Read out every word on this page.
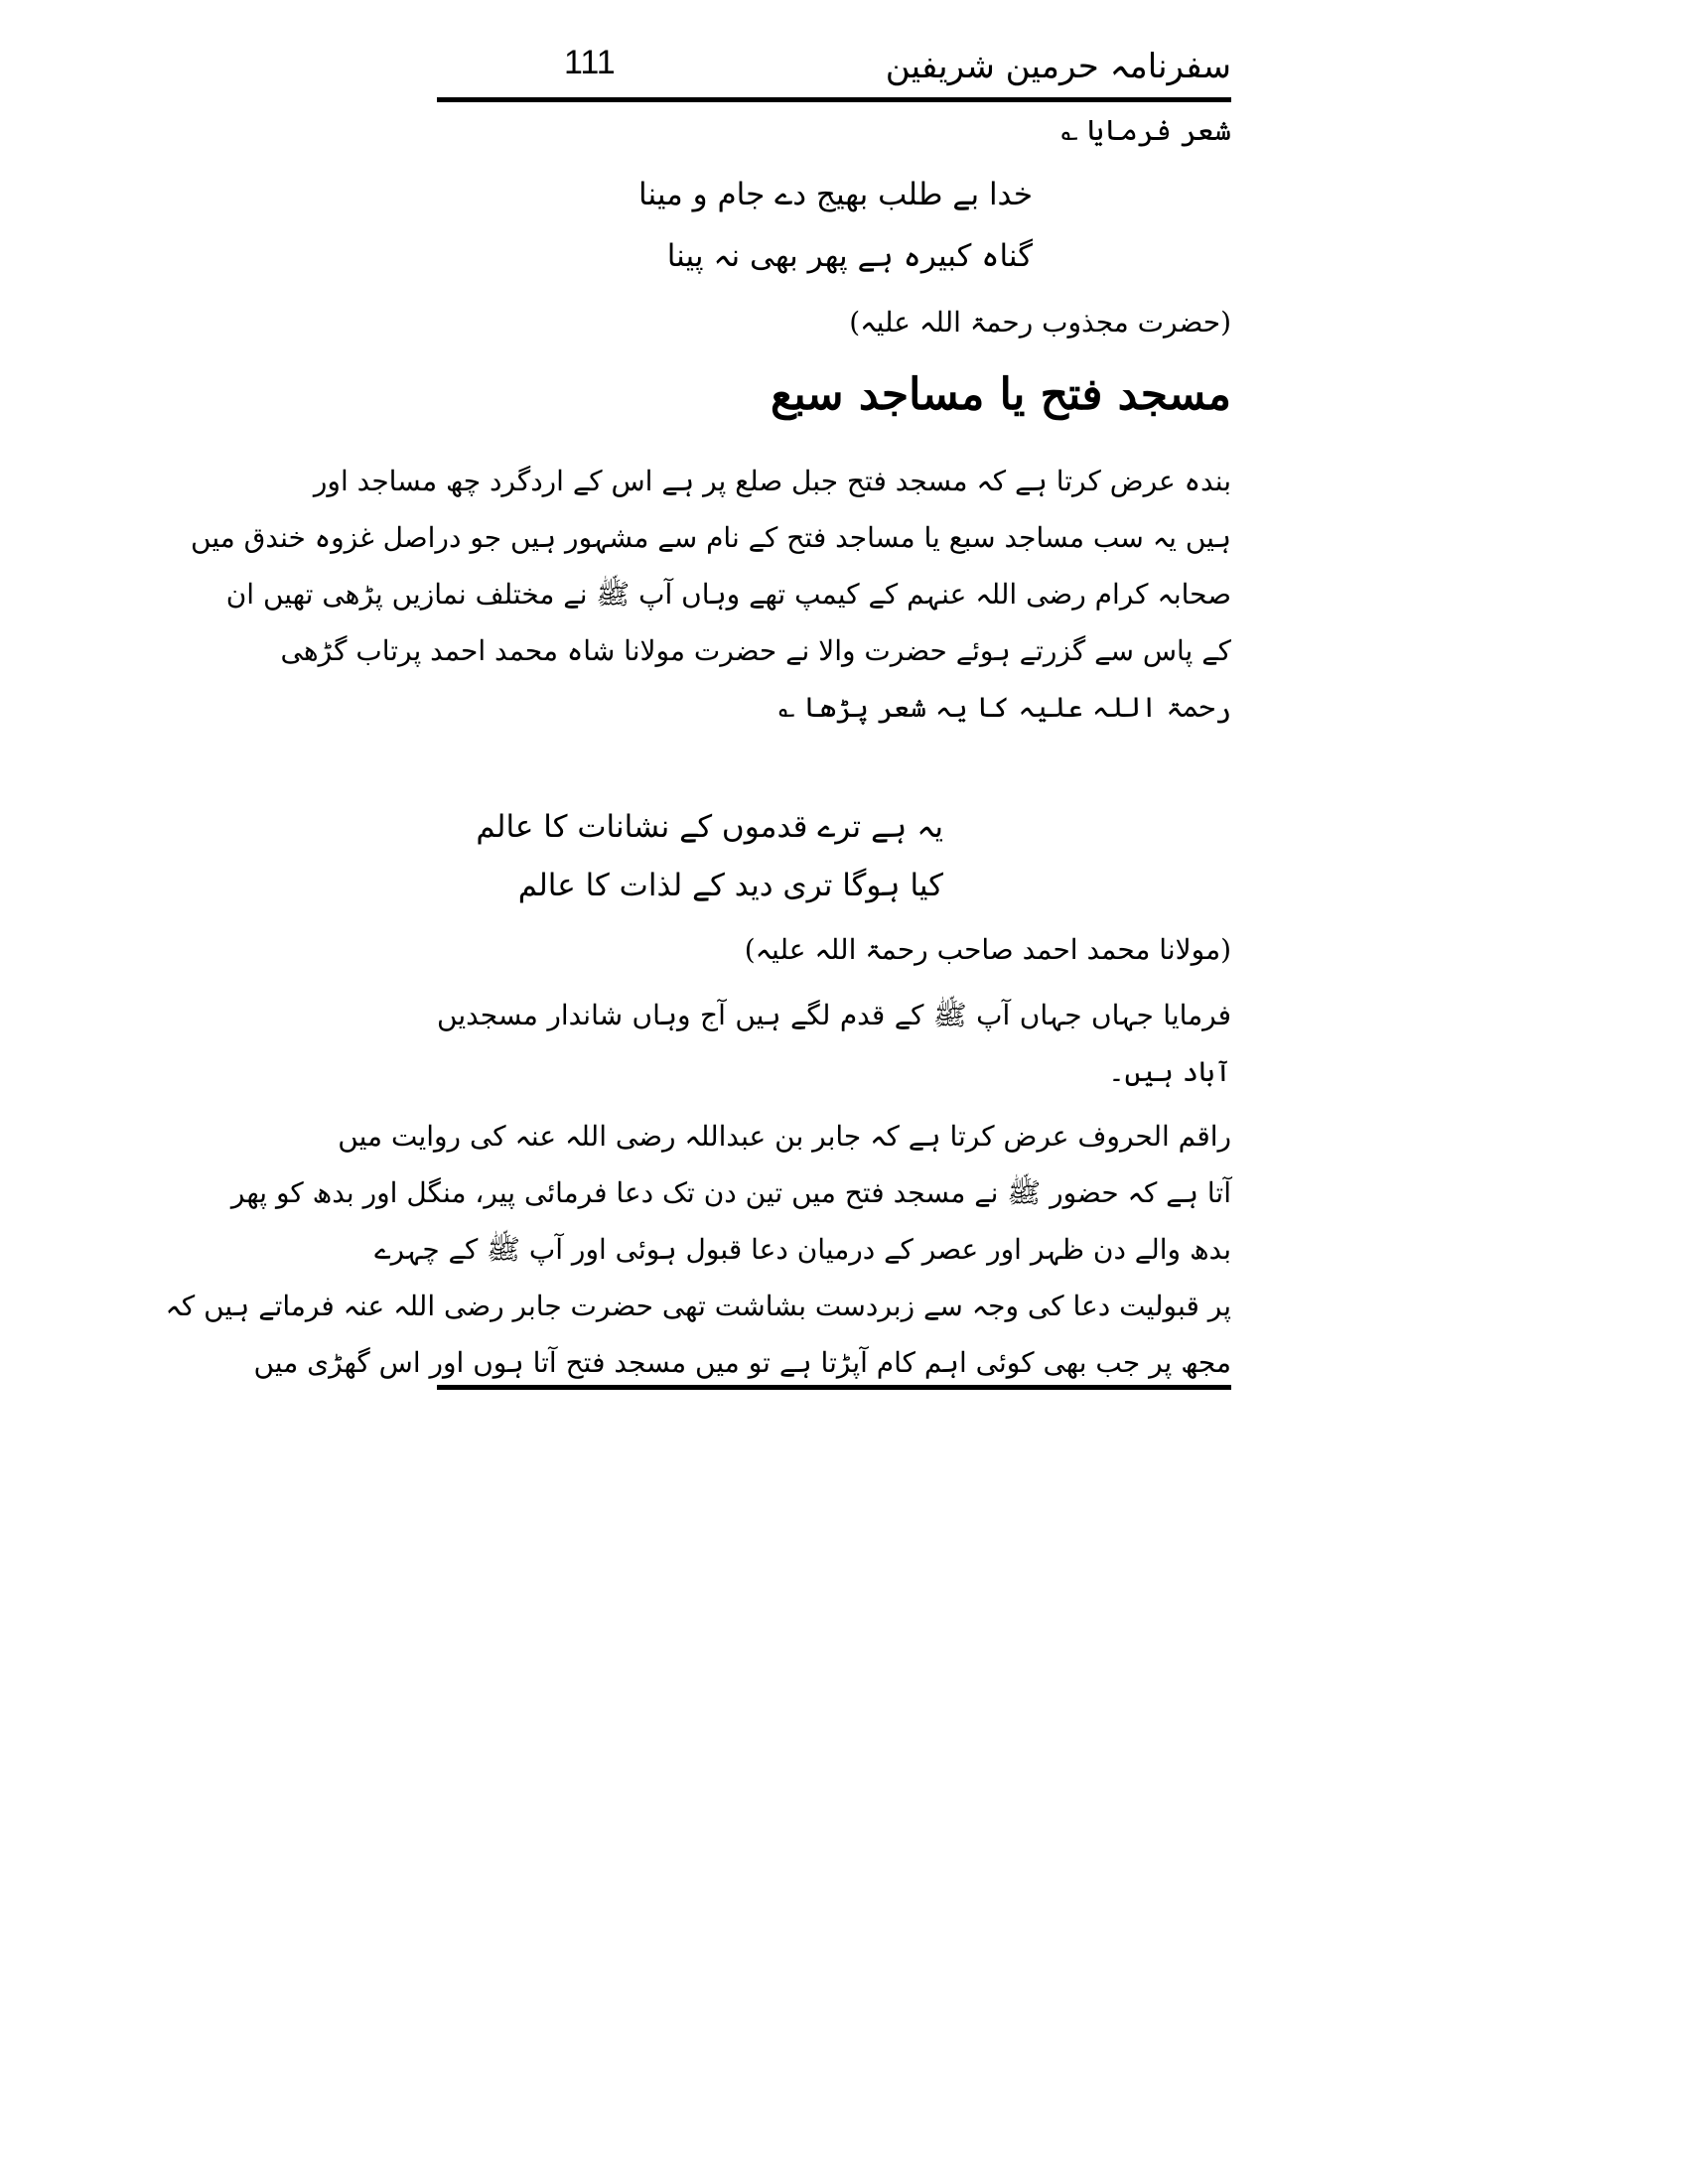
سفرنامہ حرمین شریفین
111
شعر فرمایا ؎
خدا بے طلب بھیج دے جام و مینا
گناہ کبیرہ ہے پھر بھی نہ پینا
(حضرت مجذوب رحمۃ اللہ علیہ)
مسجد فتح یا مساجد سبع
بندہ عرض کرتا ہے کہ مسجد فتح جبل صلع پر ہے اس کے اردگرد چھ مساجد اور
ہیں یہ سب مساجد سبع یا مساجد فتح کے نام سے مشہور ہیں جو دراصل غزوہ خندق میں
صحابہ کرام رضی اللہ عنہم کے کیمپ تھے وہاں آپ ﷺ نے مختلف نمازیں پڑھی تھیں ان
کے پاس سے گزرتے ہوئے حضرت والا نے حضرت مولانا شاہ محمد احمد پرتاب گڑھی
رحمۃ اللہ علیہ کا یہ شعر پڑھا ؎
یہ ہے ترے قدموں کے نشانات کا عالم
کیا ہوگا تری دید کے لذات کا عالم
(مولانا محمد احمد صاحب رحمۃ اللہ علیہ)
فرمایا جہاں جہاں آپ ﷺ کے قدم لگے ہیں آج وہاں شاندار مسجدیں
آباد ہیں۔
راقم الحروف عرض کرتا ہے کہ جابر بن عبداللہ رضی اللہ عنہ کی روایت میں
آتا ہے کہ حضور ﷺ نے مسجد فتح میں تین دن تک دعا فرمائی پیر، منگل اور بدھ کو پھر
بدھ والے دن ظہر اور عصر کے درمیان دعا قبول ہوئی اور آپ ﷺ کے چہرے
پر قبولیت دعا کی وجہ سے زبردست بشاشت تھی حضرت جابر رضی اللہ عنہ فرماتے ہیں کہ
مجھ پر جب بھی کوئی اہم کام آپڑتا ہے تو میں مسجد فتح آتا ہوں اور اس گھڑی میں
